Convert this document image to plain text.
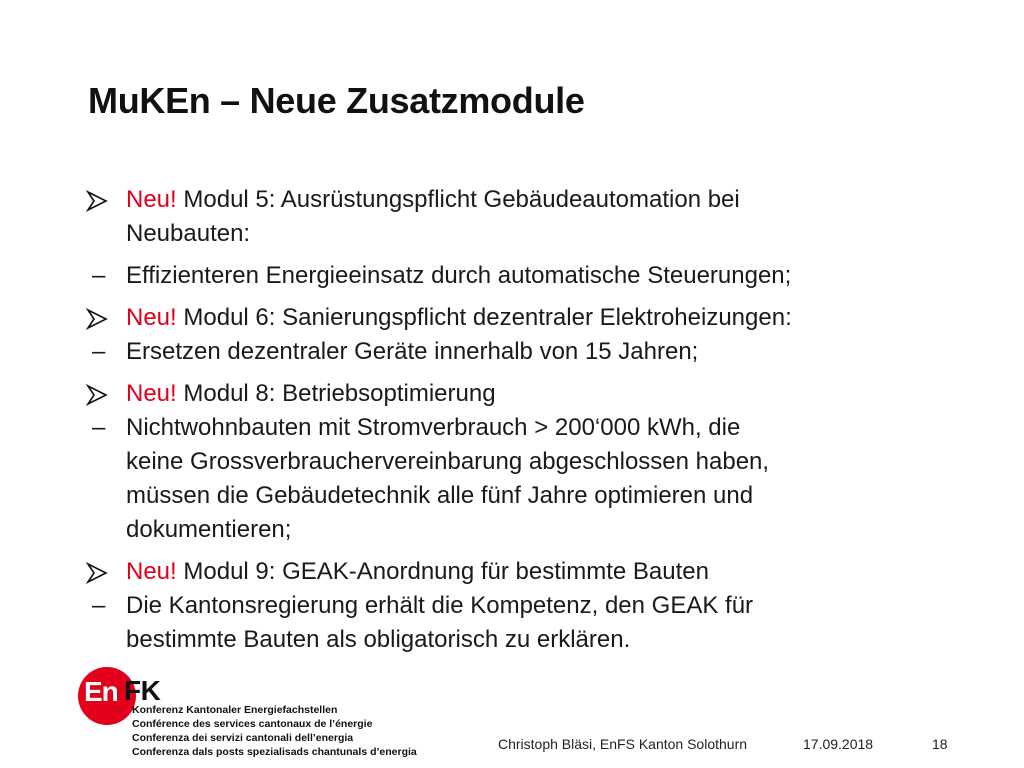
MuKEn – Neue Zusatzmodule
Neu! Modul 5: Ausrüstungspflicht Gebäudeautomation bei
Neubauten:
– Effizienteren Energieeinsatz durch automatische Steuerungen;
Neu! Modul 6: Sanierungspflicht dezentraler Elektroheizungen:
– Ersetzen dezentraler Geräte innerhalb von 15 Jahren;
Neu! Modul 8: Betriebsoptimierung
– Nichtwohnbauten mit Stromverbrauch > 200‘000 kWh, die
keine Grossverbrauchervereinbarung abgeschlossen haben,
müssen die Gebäudetechnik alle fünf Jahre optimieren und
dokumentieren;
Neu! Modul 9: GEAK-Anordnung für bestimmte Bauten
– Die Kantonsregierung erhält die Kompetenz, den GEAK für
bestimmte Bauten als obligatorisch zu erklären.
En FK
Konferenz Kantonaler Energiefachstellen
Conférence des services cantonaux de l’énergie
Conferenza dei servizi cantonali dell’energia
Conferenza dals posts spezialisads chantunals d’energia	Christoph Bläsi, EnFS Kanton Solothurn	17.09.2018	18
